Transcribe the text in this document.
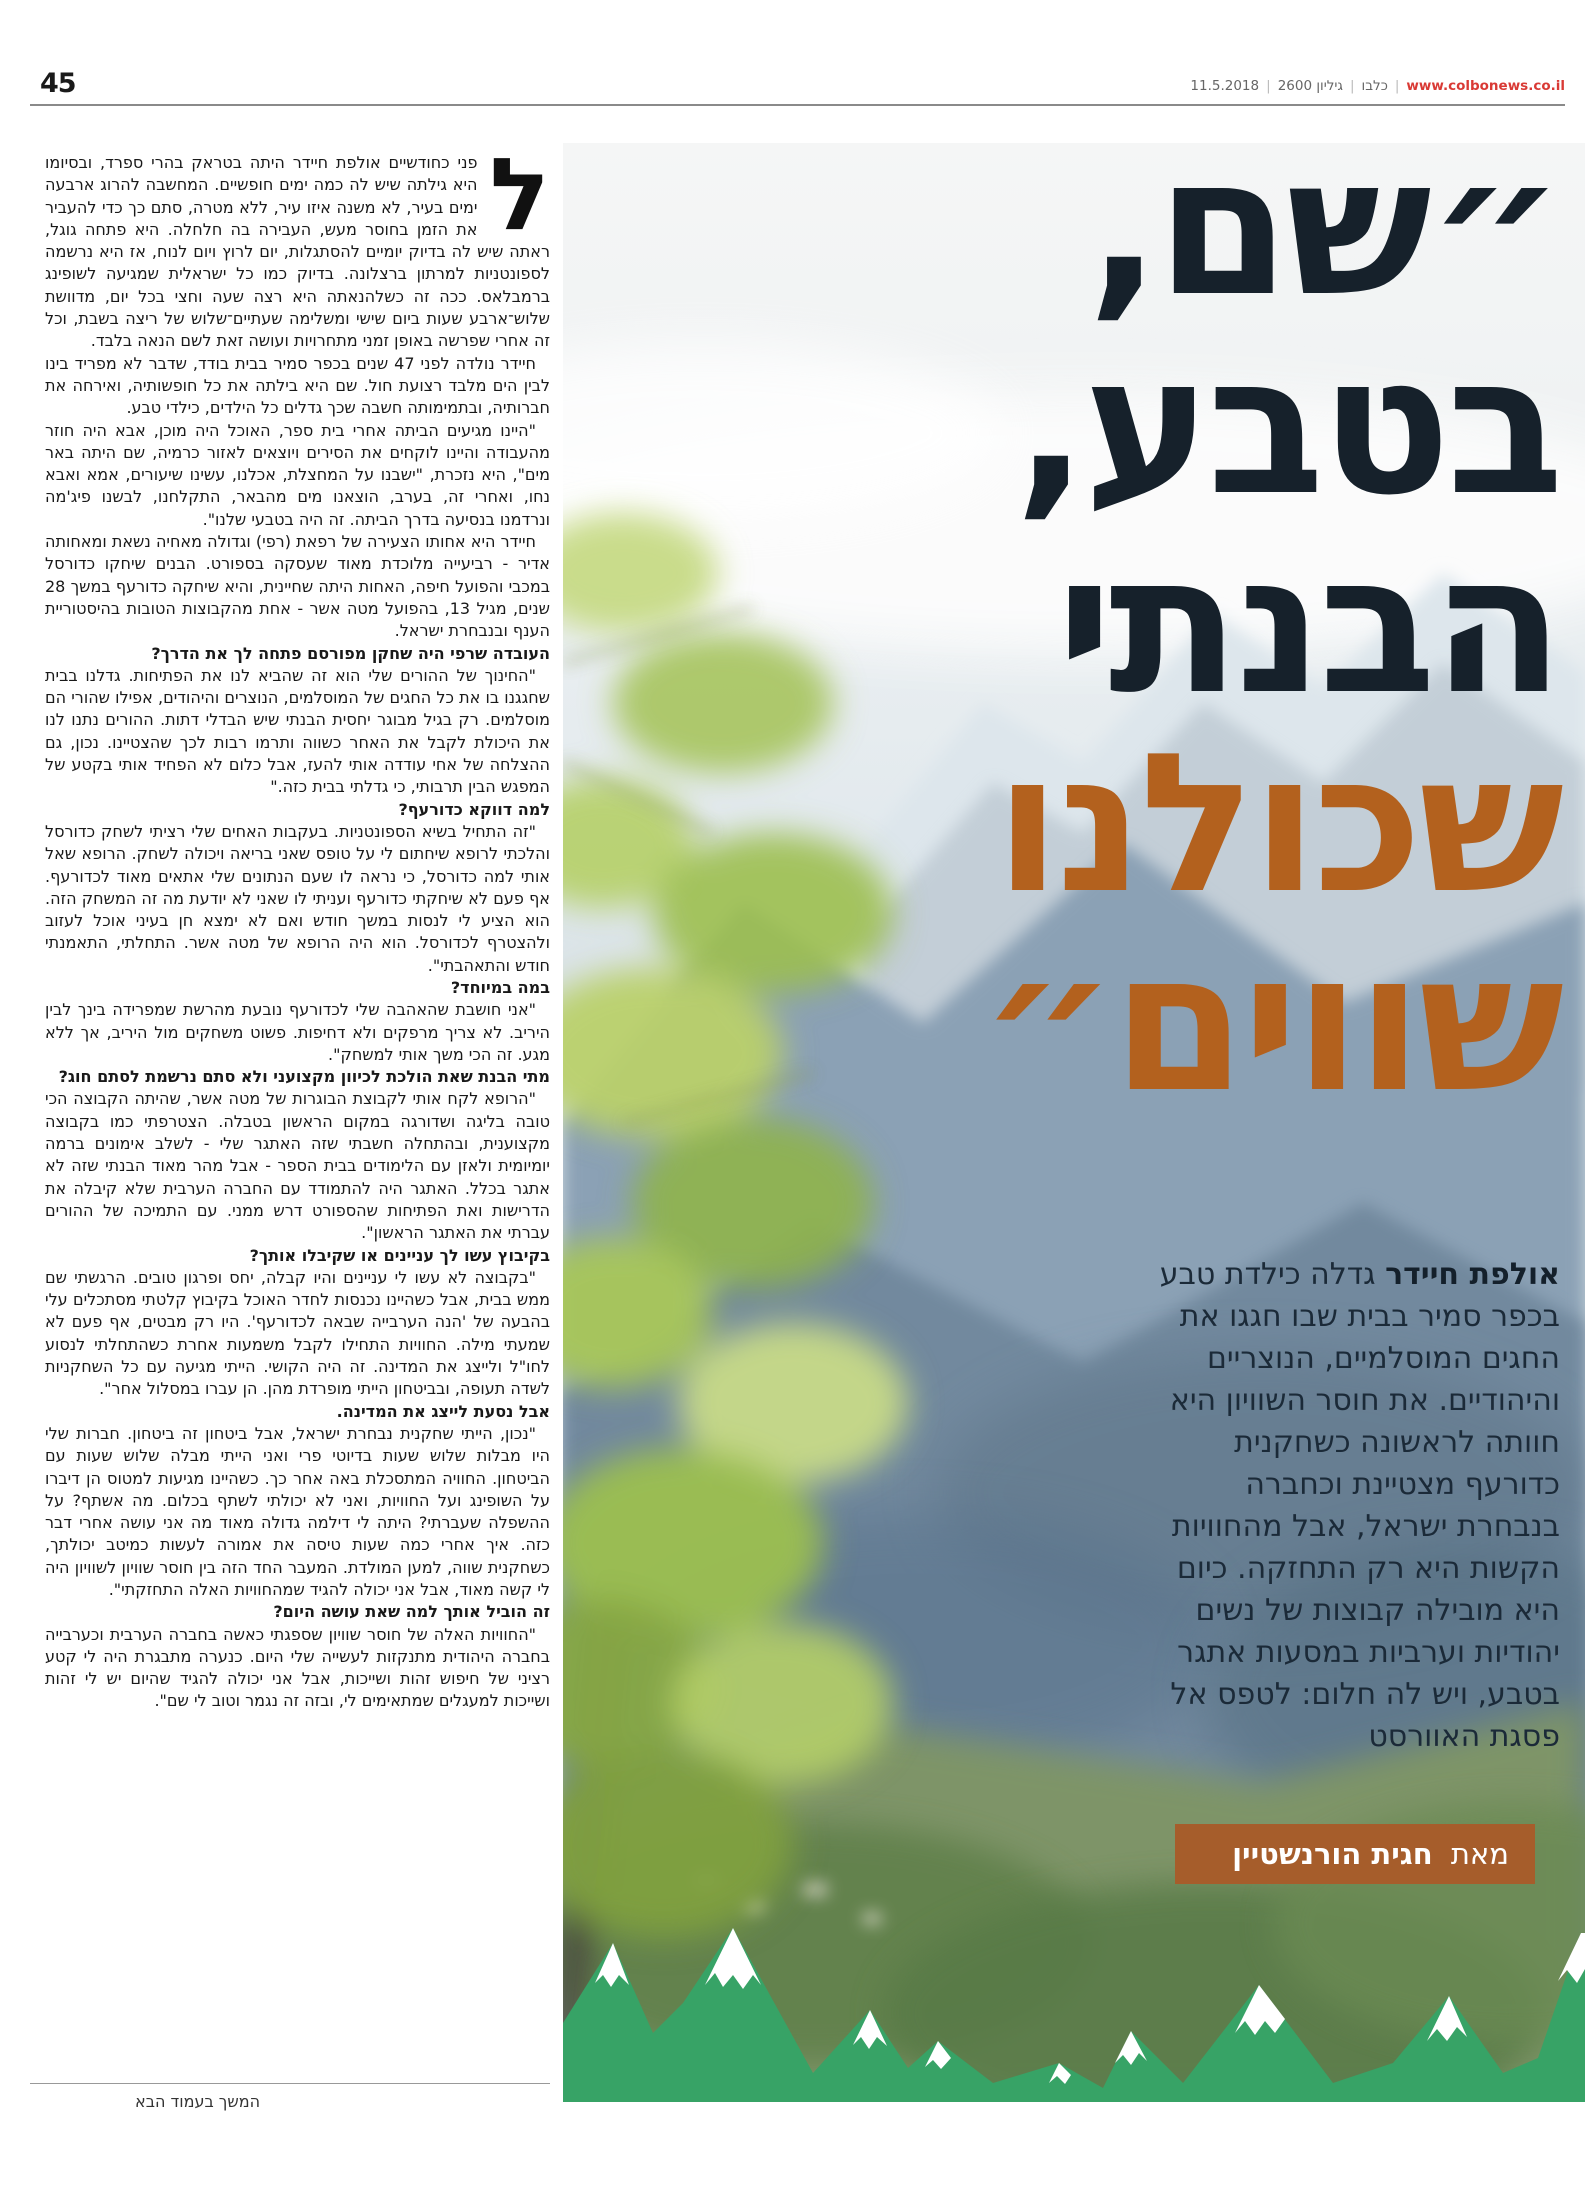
45	www.colbonews.co.il|כלבו|גיליון 2600|11.5.2018
״שם,
בטבע,
הבנתי
שכולנו
שווים״
אולפת חיידר גדלה כילדת טבע בכפר סמיר בבית שבו חגגו את החגים המוסלמיים, הנוצריים והיהודיים. את חוסר השוויון היא חוותה לראשונה כשחקנית כדורעף מצטיינת וכחברה בנבחרת ישראל, אבל מהחוויות הקשות היא רק התחזקה. כיום היא מובילה קבוצות של נשים יהודיות וערביות במסעות אתגר בטבע, ויש לה חלום: לטפס אל פסגת האוורסט
מאת חגית הורנשטיין

ל
פני כחודשיים אולפת חיידר היתה בטראק בהרי ספרד, ובסיומו היא גילתה שיש לה כמה ימים חופשיים. המחשבה להרוג ארבעה ימים בעיר, לא משנה איזו עיר, ללא מטרה, סתם כך כדי להעביר את הזמן בחוסר מעש, העבירה בה חלחלה. היא פתחה גוגל, ראתה שיש לה בדיוק יומיים להסתגלות, יום לרוץ ויום לנוח, אז היא נרשמה לספונטניות למרתון ברצלונה. בדיוק כמו כל ישראלית שמגיעה לשופינג ברמבלאס. ככה זה כשלהנאתה היא רצה שעה וחצי בכל יום, מדוושת שלוש־ארבע שעות ביום שישי ומשלימה שעתיים־שלוש של ריצה בשבת, וכל זה אחרי שפרשה באופן זמני מתחרויות ועושה זאת לשם הנאה בלבד.

חיידר נולדה לפני 47 שנים בכפר סמיר בבית בודד, שדבר לא מפריד בינו לבין הים מלבד רצועת חול. שם היא בילתה את כל חופשותיה, ואירחה את חברותיה, ובתמימותה חשבה שכך גדלים כל הילדים, כילדי טבע.

"היינו מגיעים הביתה אחרי בית ספר, האוכל היה מוכן, אבא היה חוזר מהעבודה והיינו לוקחים את הסירים ויוצאים לאזור כרמיה, שם היתה באר מים", היא נזכרת, "ישבנו על המחצלת, אכלנו, עשינו שיעורים, אמא ואבא נחו, ואחרי זה, בערב, הוצאנו מים מהבאר, התקלחנו, לבשנו פיג'מה ונרדמנו בנסיעה בדרך הביתה. זה היה בטבעי שלנו".

חיידר היא אחותו הצעירה של רפאת (רפי) וגדולה מאחיה נשאת ומאחותה אדיר - רביעייה מלוכדת מאוד שעסקה בספורט. הבנים שיחקו כדורסל במכבי והפועל חיפה, האחות היתה שחיינית, והיא שיחקה כדורעף במשך 28 שנים, מגיל 13, בהפועל מטה אשר - אחת מהקבוצות הטובות בהיסטוריית הענף ובנבחרת ישראל.

העובדה שרפי היה שחקן מפורסם פתחה לך את הדרך?

"החינוך של ההורים שלי הוא זה שהביא לנו את הפתיחות. גדלנו בבית שחגגנו בו את כל החגים של המוסלמים, הנוצרים והיהודים, אפילו שהורי הם מוסלמים. רק בגיל מבוגר יחסית הבנתי שיש הבדלי דתות. ההורים נתנו לנו את היכולת לקבל את האחר כשווה ותרמו רבות לכך שהצטיינו. נכון, גם ההצלחה של אחי עודדה אותי להעז, אבל כלום לא הפחיד אותי בקטע של המפגש הבין תרבותי, כי גדלתי בבית כזה."

למה דווקא כדורעף?

"זה התחיל בשיא הספונטניות. בעקבות האחים שלי רציתי לשחק כדורסל והלכתי לרופא שיחתום לי על טופס שאני בריאה ויכולה לשחק. הרופא שאל אותי למה כדורסל, כי נראה לו שעם הנתונים שלי אתאים מאוד לכדורעף. אף פעם לא שיחקתי כדורעף ועניתי לו שאני לא יודעת מה זה המשחק הזה. הוא הציע לי לנסות במשך חודש ואם לא ימצא חן בעיני אוכל לעזוב ולהצטרף לכדורסל. הוא היה הרופא של מטה אשר. התחלתי, התאמנתי חודש והתאהבתי".

במה במיוחד?

"אני חושבת שהאהבה שלי לכדורעף נובעת מהרשת שמפרידה בינך לבין היריב. לא צריך מרפקים ולא דחיפות. פשוט משחקים מול היריב, אך ללא מגע. זה הכי משך אותי למשחק".

מתי הבנת שאת הולכת לכיוון מקצועני ולא סתם נרשמת לסתם חוג?

"הרופא לקח אותי לקבוצת הבוגרות של מטה אשר, שהיתה הקבוצה הכי טובה בליגה ושדורגה במקום הראשון בטבלה. הצטרפתי כמו בקבוצה מקצוענית, ובהתחלה חשבתי שזה האתגר שלי - לשלב אימונים ברמה יומיומית ולאזן עם הלימודים בבית הספר - אבל מהר מאוד הבנתי שזה לא אתגר בכלל. האתגר היה להתמודד עם החברה הערבית שלא קיבלה את הדרישות ואת הפתיחות שהספורט דרש ממני. עם התמיכה של ההורים עברתי את האתגר הראשון".

בקיבוץ עשו לך עניינים או שקיבלו אותך?

"בקבוצה לא עשו לי עניינים והיו קבלה, יחס ופרגון טובים. הרגשתי שם ממש בבית, אבל כשהיינו נכנסות לחדר האוכל בקיבוץ קלטתי מסתכלים עלי בהבעה של 'הנה הערבייה שבאה לכדורעף'. היו רק מבטים, אף פעם לא שמעתי מילה. החוויות התחילו לקבל משמעות אחרת כשהתחלתי לנסוע לחו"ל ולייצג את המדינה. זה היה הקושי. הייתי מגיעה עם כל השחקניות לשדה תעופה, ובביטחון הייתי מופרדת מהן. הן עברו במסלול אחר".

אבל נסעת לייצג את המדינה.

"נכון, הייתי שחקנית נבחרת ישראל, אבל ביטחון זה ביטחון. חברות שלי היו מבלות שלוש שעות בדיוטי פרי ואני הייתי מבלה שלוש שעות עם הביטחון. החוויה המתסכלת באה אחר כך. כשהיינו מגיעות למטוס הן דיברו על השופינג ועל החוויות, ואני לא יכולתי לשתף בכלום. מה אשתף? על ההשפלה שעברתי? היתה לי דילמה גדולה מאוד מה אני עושה אחרי דבר כזה. איך אחרי כמה שעות טיסה את אמורה לעשות כמיטב יכולתך, כשחקנית שווה, למען המולדת. המעבר החד הזה בין חוסר שוויון לשוויון היה לי קשה מאוד, אבל אני יכולה להגיד שמהחוויות האלה התחזקתי".

זה הוביל אותך למה שאת עושה היום?

"החוויות האלה של חוסר שוויון שספגתי כאשה בחברה הערבית וכערבייה בחברה היהודית מתנקזות לעשייה שלי היום. כנערה מתבגרת היה לי קטע רציני של חיפוש זהות ושייכות, אבל אני יכולה להגיד שהיום יש לי זהות ושייכות למעגלים שמתאימים לי, ובזה זה נגמר וטוב לי שם".

המשך בעמוד הבא
